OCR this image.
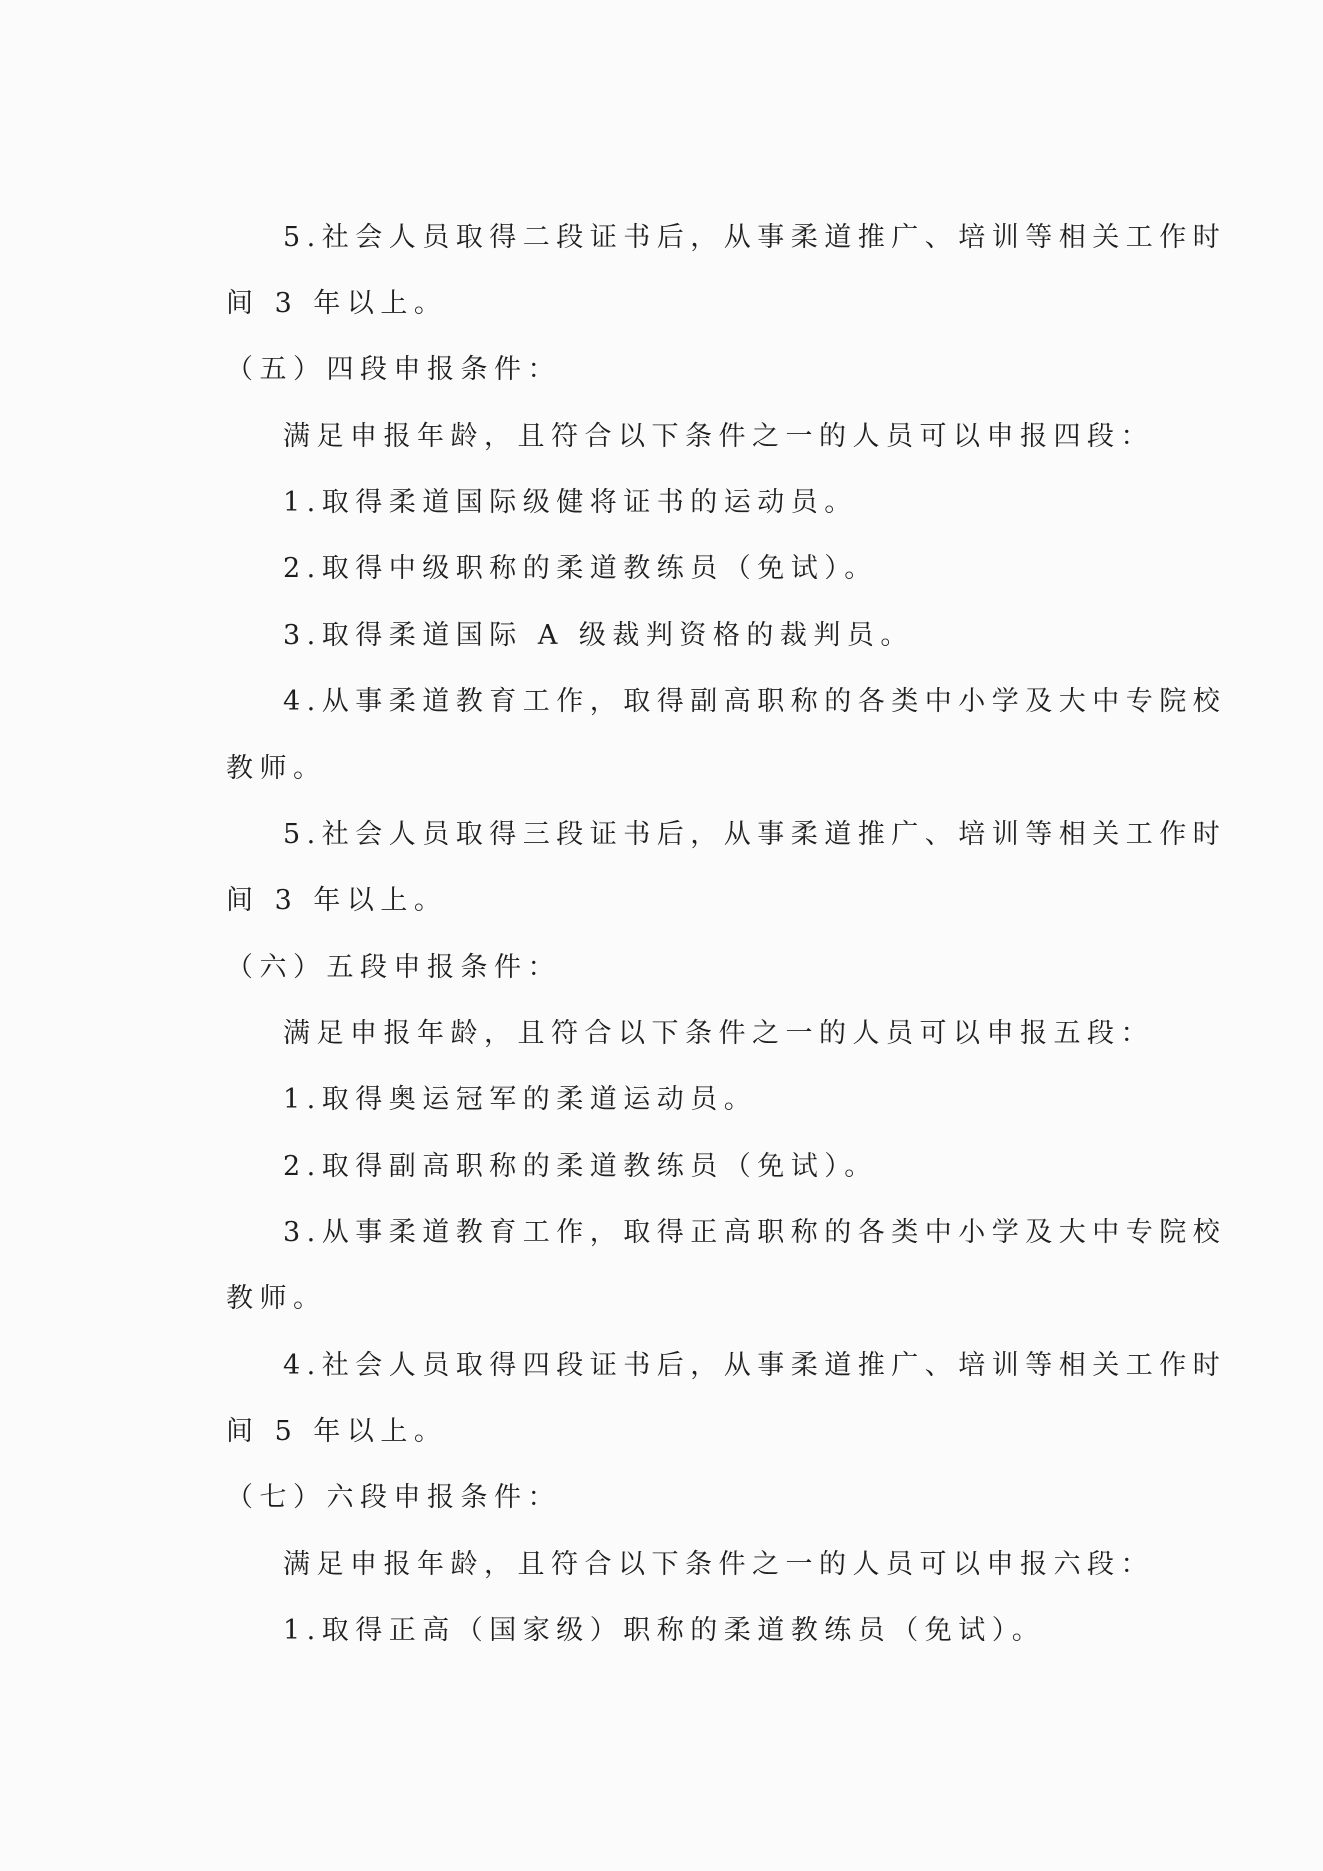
5.社会人员取得二段证书后，从事柔道推广、培训等相关工作时
间 3 年以上。
（五）四段申报条件：
满足申报年龄，且符合以下条件之一的人员可以申报四段：
1.取得柔道国际级健将证书的运动员。
2.取得中级职称的柔道教练员（免试）。
3.取得柔道国际 A 级裁判资格的裁判员。
4.从事柔道教育工作，取得副高职称的各类中小学及大中专院校
教师。
5.社会人员取得三段证书后，从事柔道推广、培训等相关工作时
间 3 年以上。
（六）五段申报条件：
满足申报年龄，且符合以下条件之一的人员可以申报五段：
1.取得奥运冠军的柔道运动员。
2.取得副高职称的柔道教练员（免试）。
3.从事柔道教育工作，取得正高职称的各类中小学及大中专院校
教师。
4.社会人员取得四段证书后，从事柔道推广、培训等相关工作时
间 5 年以上。
（七）六段申报条件：
满足申报年龄，且符合以下条件之一的人员可以申报六段：
1.取得正高（国家级）职称的柔道教练员（免试）。
